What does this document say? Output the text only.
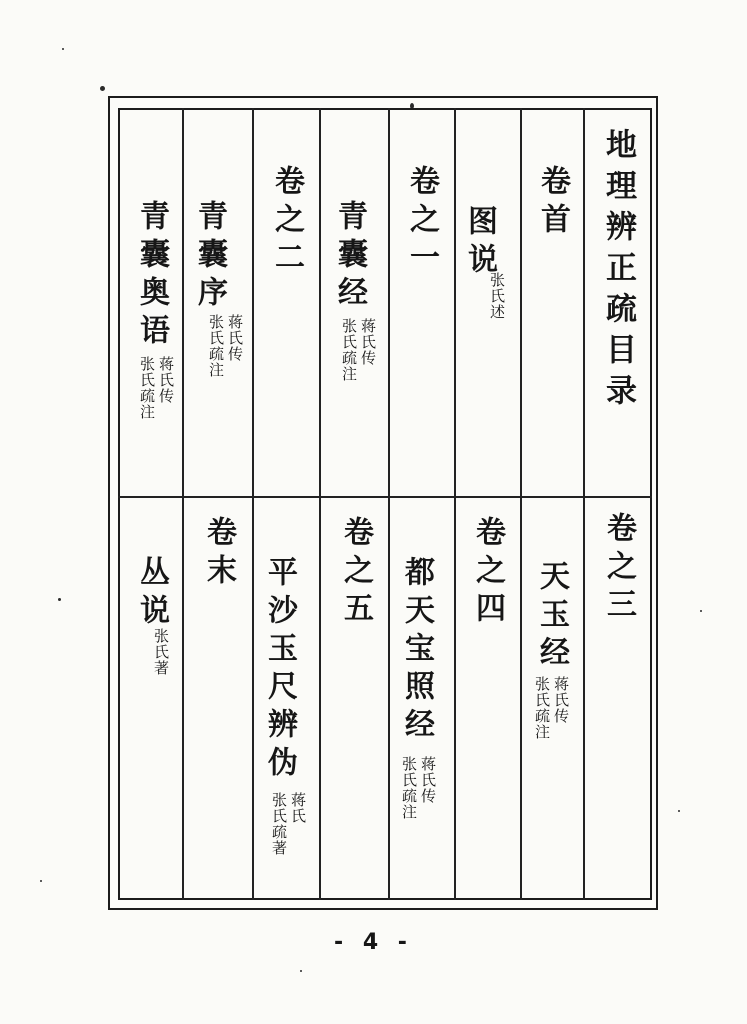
地理辨正疏目录
卷首
图说
张氏述
卷之一
青囊经
蒋氏传
张氏疏注
卷之二
青囊序
蒋氏传
张氏疏注
青囊奥语
蒋氏传
张氏疏注
卷之三
天玉经
蒋氏传
张氏疏注
卷之四
都天宝照经
蒋氏传
张氏疏注
卷之五
平沙玉尺辨伪
蒋氏
张氏疏著
卷末
丛说
张氏著
- 4 -
